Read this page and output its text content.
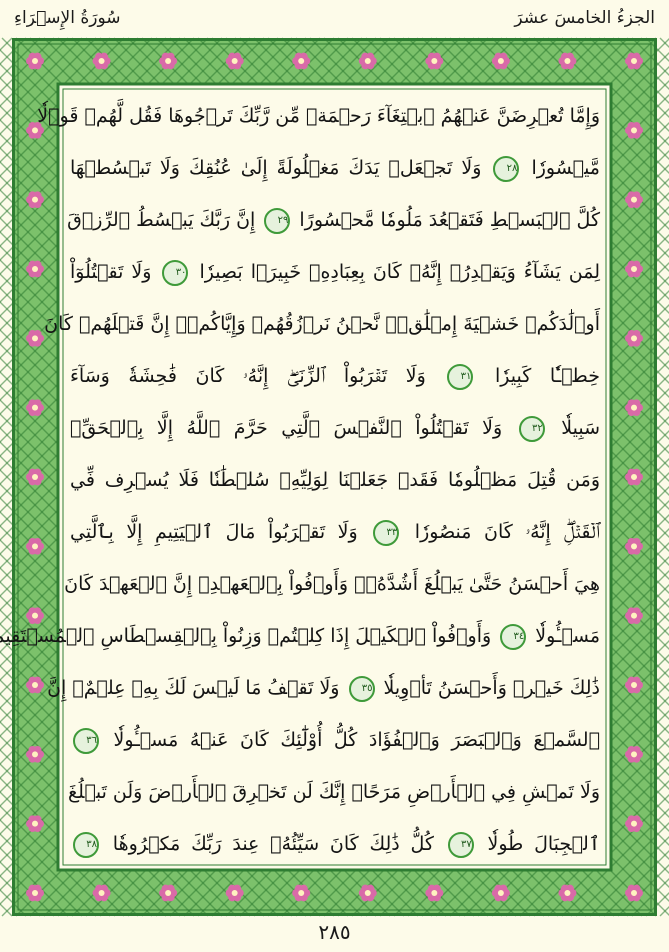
سُورَةُ الإِسۡرَاءِ	الجزءُ الخامسَ عشرَ
وَإِمَّا تُعۡرِضَنَّ عَنۡهُمُ ٱبۡتِغَآءَ رَحۡمَةٖ مِّن رَّبِّكَ تَرۡجُوهَا فَقُل لَّهُمۡ قَوۡلٗا
مَّيۡسُورٗا ٢٨ وَلَا تَجۡعَلۡ يَدَكَ مَغۡلُولَةً إِلَىٰ عُنُقِكَ وَلَا تَبۡسُطۡهَا
كُلَّ ٱلۡبَسۡطِ فَتَقۡعُدَ مَلُومٗا مَّحۡسُورًا ٢٩ إِنَّ رَبَّكَ يَبۡسُطُ ٱلرِّزۡقَ
لِمَن يَشَآءُ وَيَقۡدِرُۚ إِنَّهُۥ كَانَ بِعِبَادِهِۦ خَبِيرَۢا بَصِيرٗا ٣٠ وَلَا تَقۡتُلُوٓاْ
أَوۡلَٰدَكُمۡ خَشۡيَةَ إِمۡلَٰقٖۖ نَّحۡنُ نَرۡزُقُهُمۡ وَإِيَّاكُمۡۚ إِنَّ قَتۡلَهُمۡ كَانَ
خِطۡـٔٗا كَبِيرٗا ٣١ وَلَا تَقۡرَبُواْ ٱلزِّنَىٰٓۖ إِنَّهُۥ كَانَ فَٰحِشَةٗ وَسَآءَ
سَبِيلٗا ٣٢ وَلَا تَقۡتُلُواْ ٱلنَّفۡسَ ٱلَّتِي حَرَّمَ ٱللَّهُ إِلَّا بِٱلۡحَقِّۗ
وَمَن قُتِلَ مَظۡلُومٗا فَقَدۡ جَعَلۡنَا لِوَلِيِّهِۦ سُلۡطَٰنٗا فَلَا يُسۡرِف فِّي
ٱلۡقَتۡلِۖ إِنَّهُۥ كَانَ مَنصُورٗا ٣٣ وَلَا تَقۡرَبُواْ مَالَ ٱلۡيَتِيمِ إِلَّا بِٱلَّتِي
هِيَ أَحۡسَنُ حَتَّىٰ يَبۡلُغَ أَشُدَّهُۥۚ وَأَوۡفُواْ بِٱلۡعَهۡدِۖ إِنَّ ٱلۡعَهۡدَ كَانَ
مَسۡـُٔولٗا ٣٤ وَأَوۡفُواْ ٱلۡكَيۡلَ إِذَا كِلۡتُمۡ وَزِنُواْ بِٱلۡقِسۡطَاسِ ٱلۡمُسۡتَقِيمِۚ
ذَٰلِكَ خَيۡرٞ وَأَحۡسَنُ تَأۡوِيلٗا ٣٥ وَلَا تَقۡفُ مَا لَيۡسَ لَكَ بِهِۦ عِلۡمٌۚ إِنَّ
ٱلسَّمۡعَ وَٱلۡبَصَرَ وَٱلۡفُؤَادَ كُلُّ أُوْلَٰٓئِكَ كَانَ عَنۡهُ مَسۡـُٔولٗا ٣٦
وَلَا تَمۡشِ فِي ٱلۡأَرۡضِ مَرَحًاۖ إِنَّكَ لَن تَخۡرِقَ ٱلۡأَرۡضَ وَلَن تَبۡلُغَ
ٱلۡجِبَالَ طُولٗا ٣٧ كُلُّ ذَٰلِكَ كَانَ سَيِّئُهُۥ عِندَ رَبِّكَ مَكۡرُوهٗا ٣٨
٢٨٥
